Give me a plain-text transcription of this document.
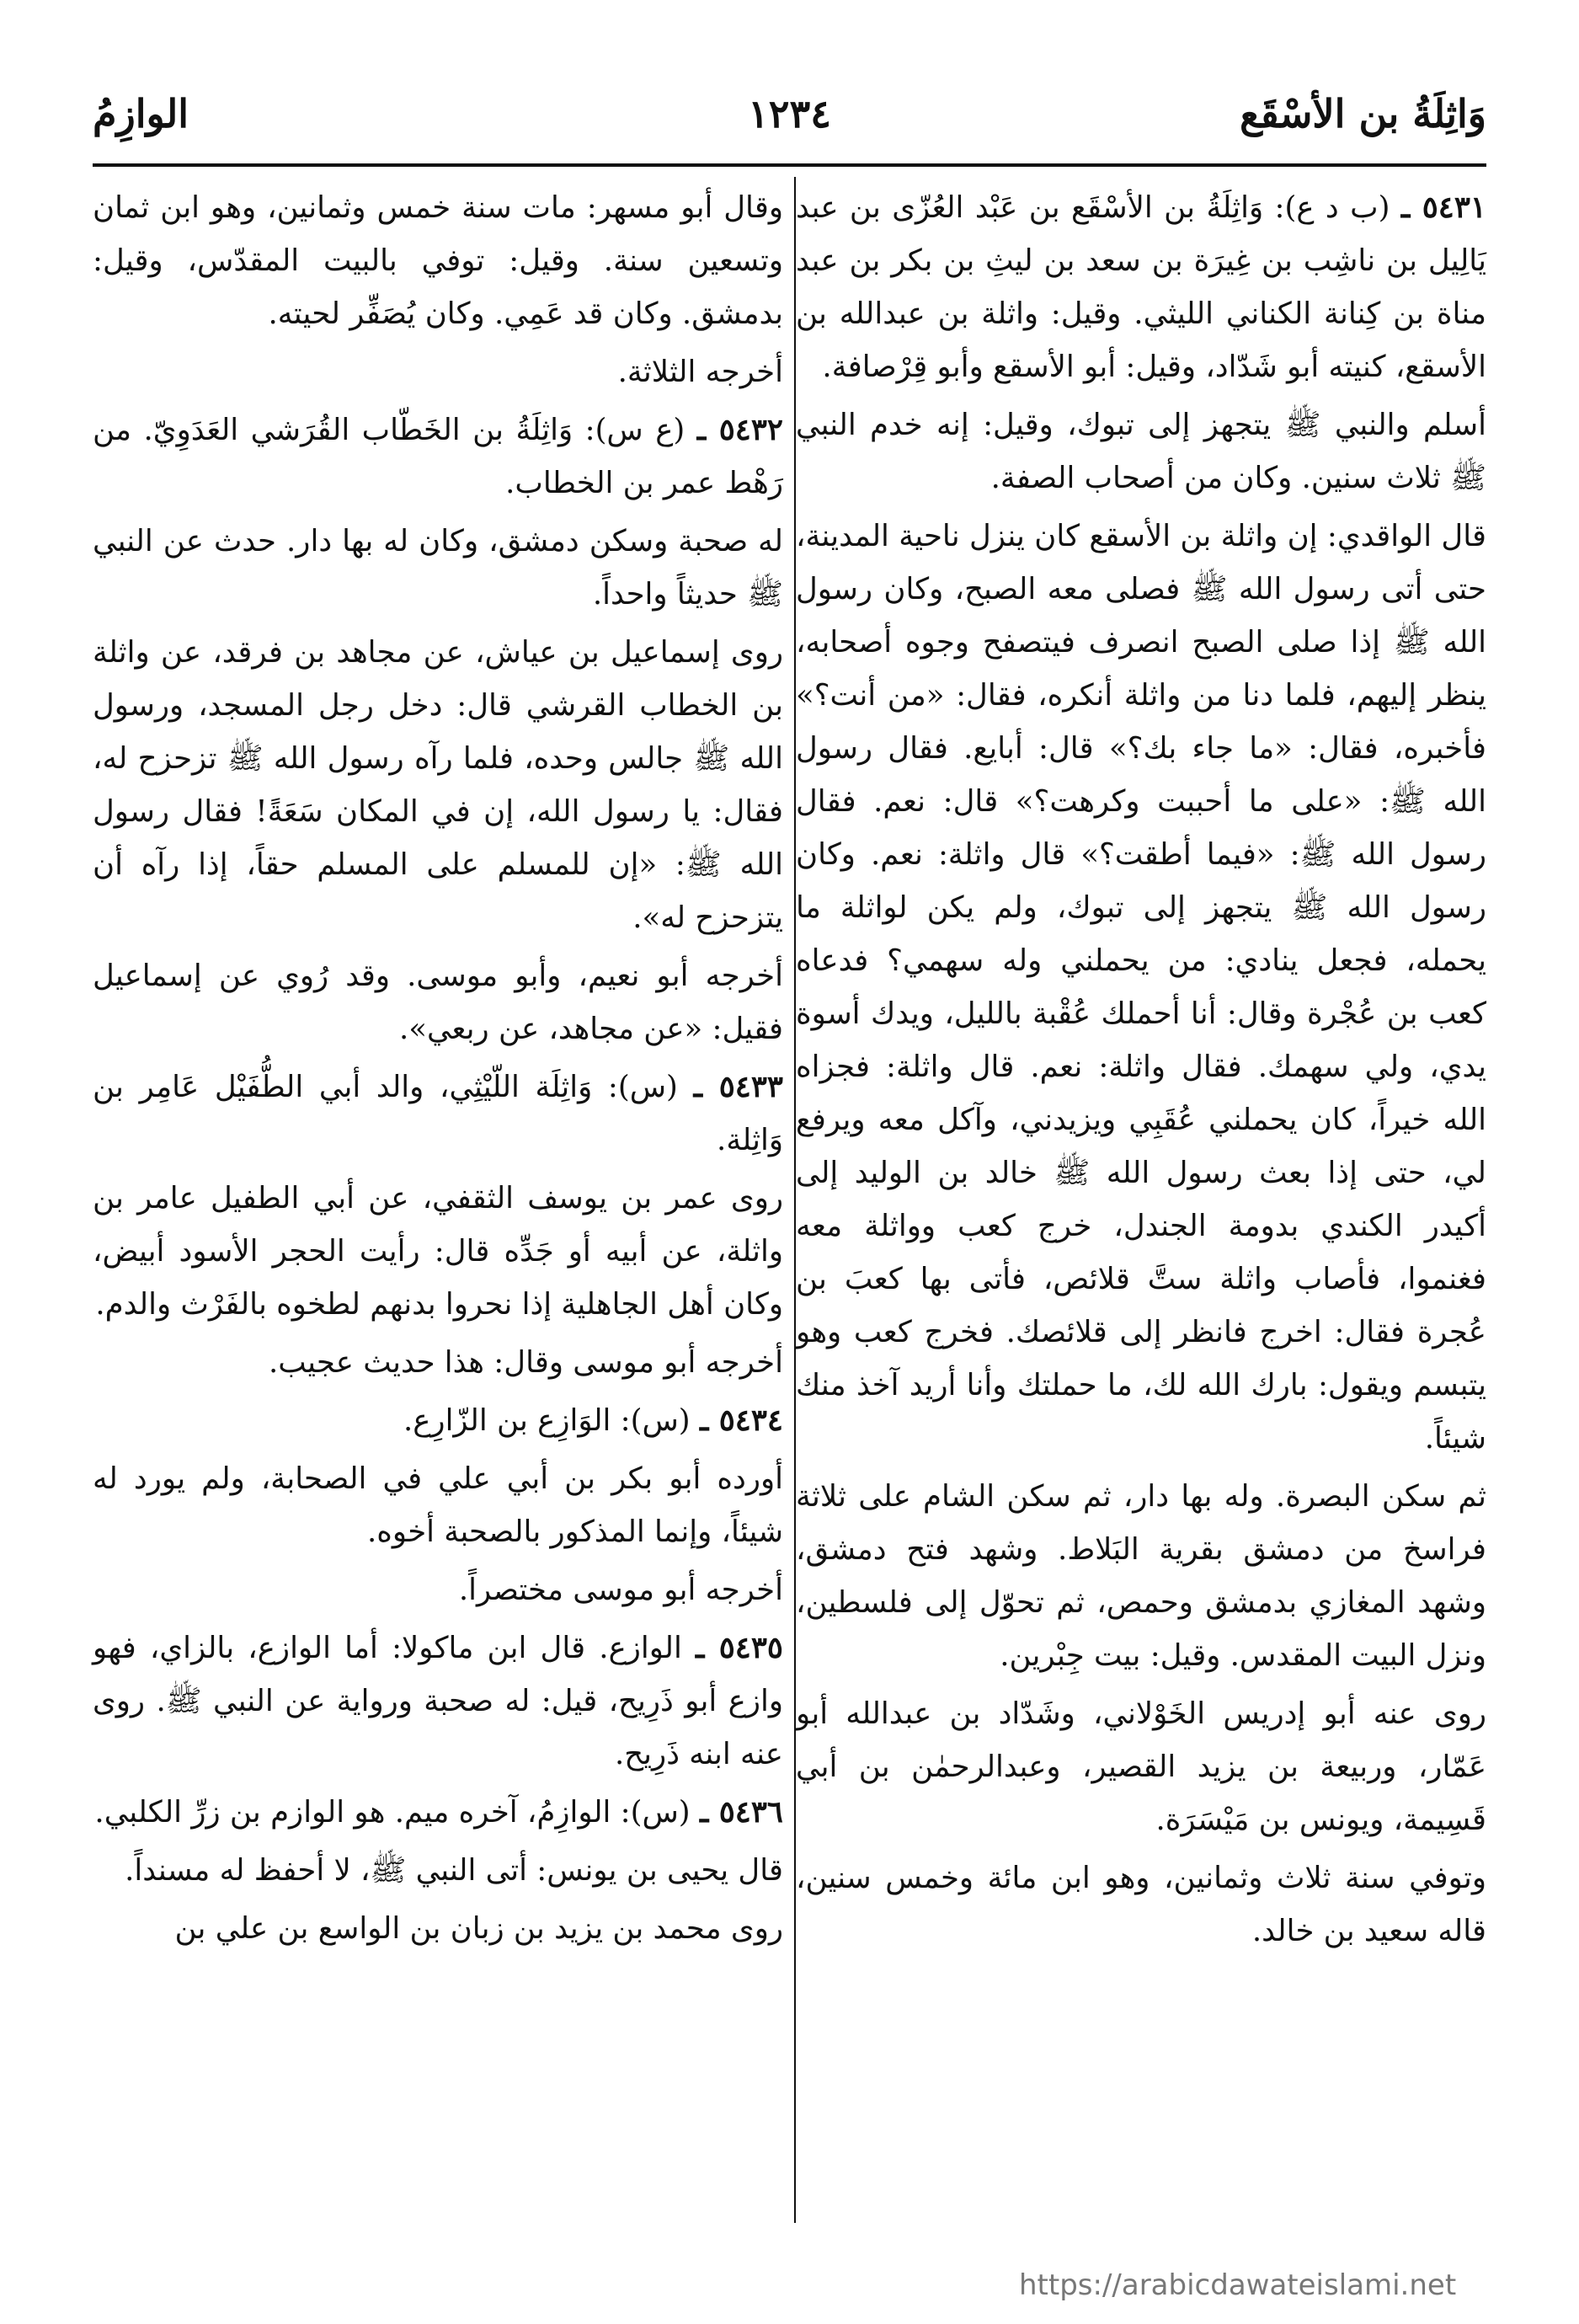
وَاثِلَةُ بن الأسْقَع
١٢٣٤
الوازِمُ

٥٤٣١ ـ (ب د ع): وَاثِلَةُ بن الأسْقَع بن عَبْد العُزّى بن عبد يَالِيل بن ناشِب بن غِيرَة بن سعد بن ليثِ بن بكر بن عبد مناة بن كِنانة الكناني الليثي. وقيل: واثلة بن عبدالله بن الأسقع، كنيته أبو شَدّاد، وقيل: أبو الأسقع وأبو قِرْصافة.

أسلم والنبي ﷺ يتجهز إلى تبوك، وقيل: إنه خدم النبي ﷺ ثلاث سنين. وكان من أصحاب الصفة.

قال الواقدي: إن واثلة بن الأسقع كان ينزل ناحية المدينة، حتى أتى رسول الله ﷺ فصلى معه الصبح، وكان رسول الله ﷺ إذا صلى الصبح انصرف فيتصفح وجوه أصحابه، ينظر إليهم، فلما دنا من واثلة أنكره، فقال: «من أنت؟» فأخبره، فقال: «ما جاء بك؟» قال: أبايع. فقال رسول الله ﷺ: «على ما أحببت وكرهت؟» قال: نعم. فقال رسول الله ﷺ: «فيما أطقت؟» قال واثلة: نعم. وكان رسول الله ﷺ يتجهز إلى تبوك، ولم يكن لواثلة ما يحمله، فجعل ينادي: من يحملني وله سهمي؟ فدعاه كعب بن عُجْرة وقال: أنا أحملك عُقْبة بالليل، ويدك أسوة يدي، ولي سهمك. فقال واثلة: نعم. قال واثلة: فجزاه الله خيراً، كان يحملني عُقَبِي ويزيدني، وآكل معه ويرفع لي، حتى إذا بعث رسول الله ﷺ خالد بن الوليد إلى أكيدر الكندي بدومة الجندل، خرج كعب وواثلة معه فغنموا، فأصاب واثلة ستَّ قلائص، فأتى بها كعبَ بن عُجرة فقال: اخرج فانظر إلى قلائصك. فخرج كعب وهو يتبسم ويقول: بارك الله لك، ما حملتك وأنا أريد آخذ منك شيئاً.

ثم سكن البصرة. وله بها دار، ثم سكن الشام على ثلاثة فراسخ من دمشق بقرية البَلاط. وشهد فتح دمشق، وشهد المغازي بدمشق وحمص، ثم تحوّل إلى فلسطين، ونزل البيت المقدس. وقيل: بيت جِبْرين.

روى عنه أبو إدريس الخَوْلاني، وشَدّاد بن عبدالله أبو عَمّار، وربيعة بن يزيد القصير، وعبدالرحمٰن بن أبي قَسِيمة، ويونس بن مَيْسَرَة.

وتوفي سنة ثلاث وثمانين، وهو ابن مائة وخمس سنين، قاله سعيد بن خالد.

وقال أبو مسهر: مات سنة خمس وثمانين، وهو ابن ثمان وتسعين سنة. وقيل: توفي بالبيت المقدّس، وقيل: بدمشق. وكان قد عَمِي. وكان يُصَفِّر لحيته.

أخرجه الثلاثة.

٥٤٣٢ ـ (ع س): وَاثِلَةُ بن الخَطّاب القُرَشي العَدَوِيّ. من رَهْط عمر بن الخطاب.

له صحبة وسكن دمشق، وكان له بها دار. حدث عن النبي ﷺ حديثاً واحداً.

روى إسماعيل بن عياش، عن مجاهد بن فرقد، عن واثلة بن الخطاب القرشي قال: دخل رجل المسجد، ورسول الله ﷺ جالس وحده، فلما رآه رسول الله ﷺ تزحزح له، فقال: يا رسول الله، إن في المكان سَعَةً! فقال رسول الله ﷺ: «إن للمسلم على المسلم حقاً، إذا رآه أن يتزحزح له».

أخرجه أبو نعيم، وأبو موسى. وقد رُوي عن إسماعيل فقيل: «عن مجاهد، عن ربعي».

٥٤٣٣ ـ (س): وَاثِلَة اللّيْثِي، والد أبي الطُّفَيْل عَامِر بن وَاثِلة.

روى عمر بن يوسف الثقفي، عن أبي الطفيل عامر بن واثلة، عن أبيه أو جَدِّه قال: رأيت الحجر الأسود أبيض، وكان أهل الجاهلية إذا نحروا بدنهم لطخوه بالفَرْث والدم.

أخرجه أبو موسى وقال: هذا حديث عجيب.

٥٤٣٤ ـ (س): الوَازِع بن الزّارِع.

أورده أبو بكر بن أبي علي في الصحابة، ولم يورد له شيئاً، وإنما المذكور بالصحبة أخوه.

أخرجه أبو موسى مختصراً.

٥٤٣٥ ـ الوازع. قال ابن ماكولا: أما الوازع، بالزاي، فهو وازع أبو ذَرِيح، قيل: له صحبة ورواية عن النبي ﷺ. روى عنه ابنه ذَرِيح.

٥٤٣٦ ـ (س): الوازِمُ، آخره ميم. هو الوازم بن زرِّ الكلبي.

قال يحيى بن يونس: أتى النبي ﷺ، لا أحفظ له مسنداً.

روى محمد بن يزيد بن زبان بن الواسع بن علي بن

https://arabicdawateislami.net
